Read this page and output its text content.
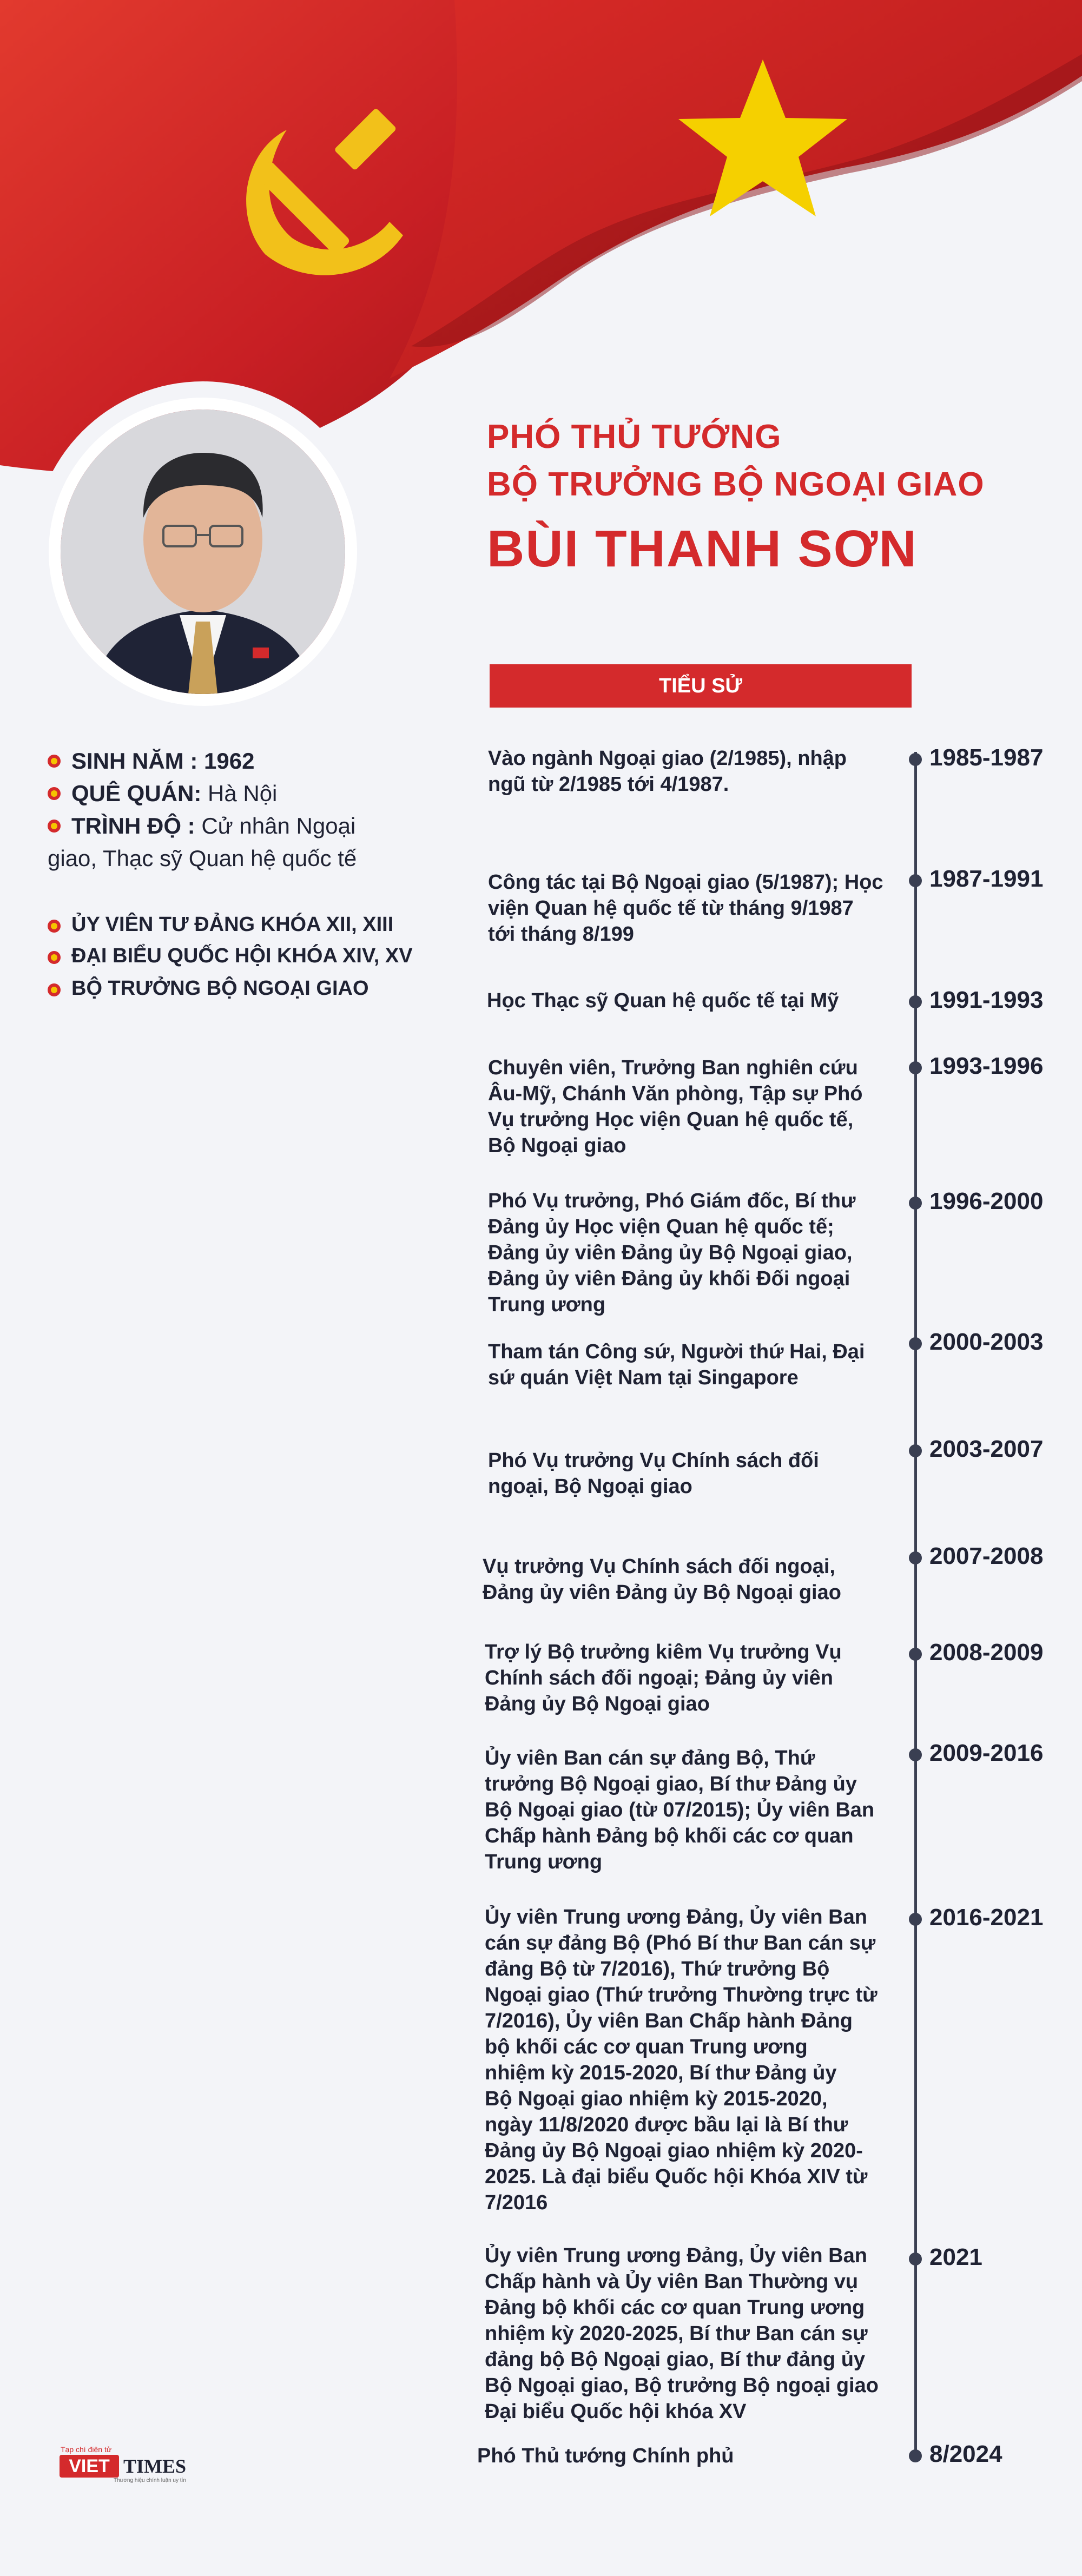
PHÓ THỦ TƯỚNG
BỘ TRƯỞNG BỘ NGOẠI GIAO
BÙI THANH SƠN
TIỂU SỬ
SINH NĂM : 1962
QUÊ QUÁN: Hà Nội
TRÌNH ĐỘ : Cử nhân Ngoại
giao, Thạc sỹ Quan hệ quốc tế
ỦY VIÊN TƯ ĐẢNG KHÓA XII, XIII
ĐẠI BIỂU QUỐC HỘI KHÓA XIV, XV
BỘ TRƯỞNG BỘ NGOẠI GIAO
1985-1987
Vào ngành Ngoại giao (2/1985), nhập
ngũ từ 2/1985 tới 4/1987.
1987-1991
Công tác tại Bộ Ngoại giao (5/1987); Học
viện Quan hệ quốc tế từ tháng 9/1987
tới tháng 8/199
1991-1993
Học Thạc sỹ Quan hệ quốc tế tại Mỹ
1993-1996
Chuyên viên, Trưởng Ban nghiên cứu
Âu-Mỹ, Chánh Văn phòng, Tập sự Phó
Vụ trưởng Học viện Quan hệ quốc tế,
Bộ Ngoại giao
1996-2000
Phó Vụ trưởng, Phó Giám đốc, Bí thư
Đảng ủy Học viện Quan hệ quốc tế;
Đảng ủy viên Đảng ủy Bộ Ngoại giao,
Đảng ủy viên Đảng ủy khối Đối ngoại
Trung ương
2000-2003
Tham tán Công sứ, Người thứ Hai, Đại
sứ quán Việt Nam tại Singapore
2003-2007
Phó Vụ trưởng Vụ Chính sách đối
ngoại, Bộ Ngoại giao
2007-2008
Vụ trưởng Vụ Chính sách đối ngoại,
Đảng ủy viên Đảng ủy Bộ Ngoại giao
2008-2009
Trợ lý Bộ trưởng kiêm Vụ trưởng Vụ
Chính sách đối ngoại; Đảng ủy viên
Đảng ủy Bộ Ngoại giao
2009-2016
Ủy viên Ban cán sự đảng Bộ, Thứ
trưởng Bộ Ngoại giao, Bí thư Đảng ủy
Bộ Ngoại giao (từ 07/2015); Ủy viên Ban
Chấp hành Đảng bộ khối các cơ quan
Trung ương
2016-2021
Ủy viên Trung ương Đảng, Ủy viên Ban
cán sự đảng Bộ (Phó Bí thư Ban cán sự
đảng Bộ từ 7/2016), Thứ trưởng Bộ
Ngoại giao (Thứ trưởng Thường trực từ
7/2016), Ủy viên Ban Chấp hành Đảng
bộ khối các cơ quan Trung ương
nhiệm kỳ 2015-2020, Bí thư Đảng ủy
Bộ Ngoại giao nhiệm kỳ 2015-2020,
ngày 11/8/2020 được bầu lại là Bí thư
Đảng ủy Bộ Ngoại giao nhiệm kỳ 2020-
2025. Là đại biểu Quốc hội Khóa XIV từ
7/2016
2021
Ủy viên Trung ương Đảng, Ủy viên Ban
Chấp hành và Ủy viên Ban Thường vụ
Đảng bộ khối các cơ quan Trung ương
nhiệm kỳ 2020-2025, Bí thư Ban cán sự
đảng bộ Bộ Ngoại giao, Bí thư đảng ủy
Bộ Ngoại giao, Bộ trưởng Bộ ngoại giao
Đại biểu Quốc hội khóa XV
8/2024
Phó Thủ tướng Chính phủ
Tạp chí điện tử
VIET TIMES
Thương hiệu chính luận uy tín
